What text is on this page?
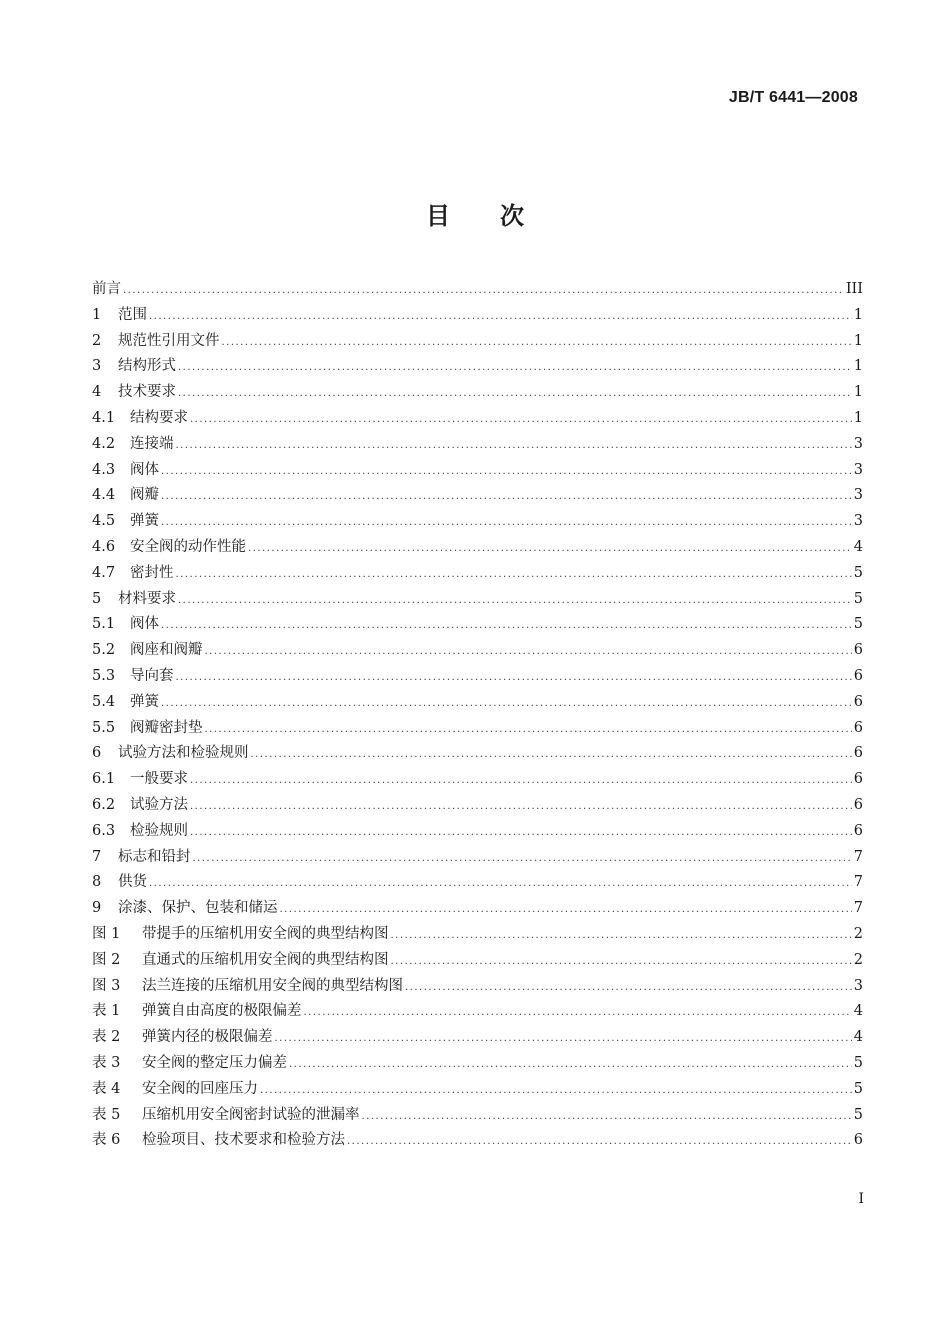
JB/T 6441—2008
目次
前言 .....	III
1	范围 .....	1
2	规范性引用文件 .....	1
3	结构形式 .....	1
4	技术要求 .....	1
4.1	结构要求 .....	1
4.2	连接端 .....	3
4.3	阀体 .....	3
4.4	阀瓣 .....	3
4.5	弹簧 .....	3
4.6	安全阀的动作性能 .....	4
4.7	密封性 .....	5
5	材料要求 .....	5
5.1	阀体 .....	5
5.2	阀座和阀瓣 .....	6
5.3	导向套 .....	6
5.4	弹簧 .....	6
5.5	阀瓣密封垫 .....	6
6	试验方法和检验规则 .....	6
6.1	一般要求 .....	6
6.2	试验方法 .....	6
6.3	检验规则 .....	6
7	标志和铅封 .....	7
8	供货 .....	7
9	涂漆、保护、包装和储运 .....	7
图 1	带提手的压缩机用安全阀的典型结构图 .....	2
图 2	直通式的压缩机用安全阀的典型结构图 .....	2
图 3	法兰连接的压缩机用安全阀的典型结构图 .....	3
表 1	弹簧自由高度的极限偏差 .....	4
表 2	弹簧内径的极限偏差 .....	4
表 3	安全阀的整定压力偏差 .....	5
表 4	安全阀的回座压力 .....	5
表 5	压缩机用安全阀密封试验的泄漏率 .....	5
表 6	检验项目、技术要求和检验方法 .....	6
I
